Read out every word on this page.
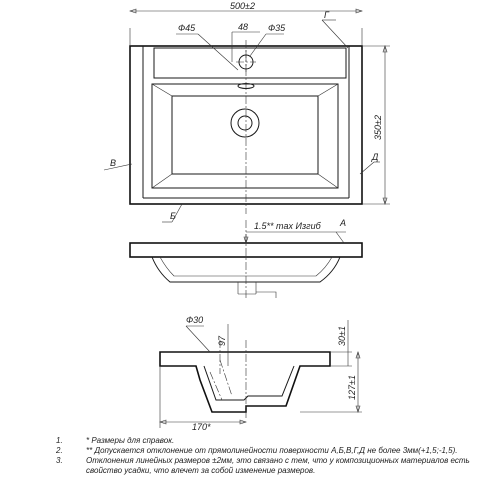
500±2
Ф45	48 Ф35
Г
350±2
В
Б
Д
1.5** max Изгиб А
Ф30
97	30±1
127±1
170*
1.	* Размеры для справок.
2.	** Допускается отклонение от прямолинейности поверхности А,Б,В,Г,Д не более 3мм(+1,5;-1,5).
3.	Отклонения линейных размеров ±2мм, это связано с тем, что у композиционных материалов есть свойство усадки, что влечет за собой изменение размеров.
